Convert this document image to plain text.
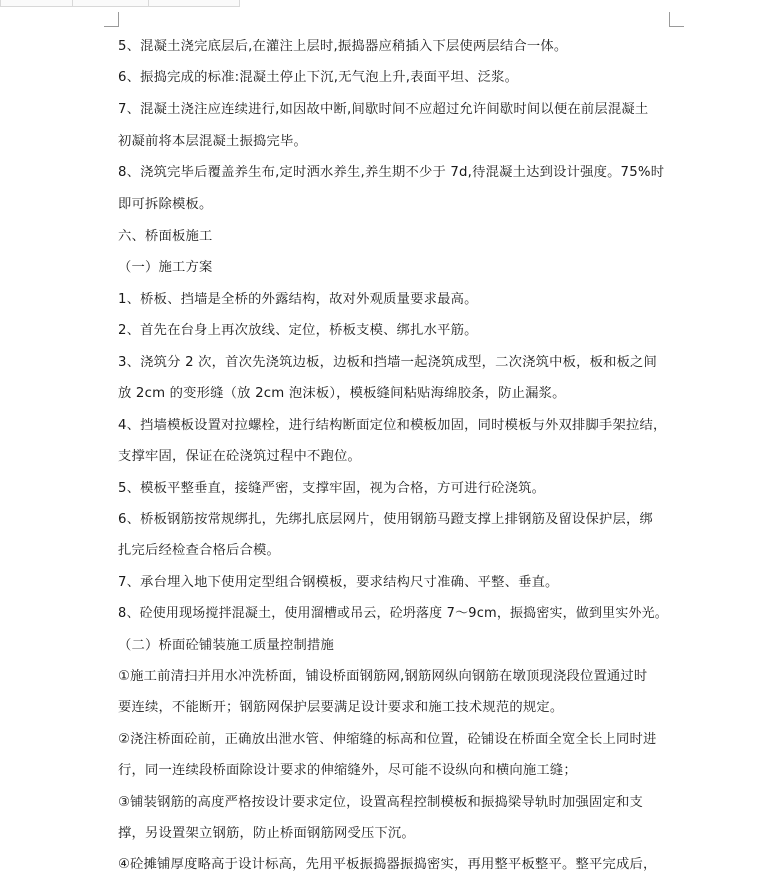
5、混凝土浇完底层后,在灌注上层时,振捣器应稍插入下层使两层结合一体。
6、振捣完成的标准:混凝土停止下沉,无气泡上升,表面平坦、泛浆。
7、混凝土浇注应连续进行,如因故中断,间歇时间不应超过允许间歇时间以便在前层混凝土
初凝前将本层混凝土振捣完毕。
8、浇筑完毕后覆盖养生布,定时洒水养生,养生期不少于 7d,待混凝土达到设计强度。75%时
即可拆除模板。
六、桥面板施工
（一）施工方案
1、桥板、挡墙是全桥的外露结构，故对外观质量要求最高。
2、首先在台身上再次放线、定位，桥板支模、绑扎水平筋。
3、浇筑分 2 次，首次先浇筑边板，边板和挡墙一起浇筑成型，二次浇筑中板，板和板之间
放 2cm 的变形缝（放 2cm 泡沫板），模板缝间粘贴海绵胶条，防止漏浆。
4、挡墙模板设置对拉螺栓，进行结构断面定位和模板加固，同时模板与外双排脚手架拉结，
支撑牢固，保证在砼浇筑过程中不跑位。
5、模板平整垂直，接缝严密，支撑牢固，视为合格，方可进行砼浇筑。
6、桥板钢筋按常规绑扎，先绑扎底层网片，使用钢筋马蹬支撑上排钢筋及留设保护层，绑
扎完后经检查合格后合模。
7、承台埋入地下使用定型组合钢模板，要求结构尺寸准确、平整、垂直。
8、砼使用现场搅拌混凝土，使用溜槽或吊云，砼坍落度 7～9cm，振捣密实，做到里实外光。
（二）桥面砼铺装施工质量控制措施
①施工前清扫并用水冲洗桥面，铺设桥面钢筋网,钢筋网纵向钢筋在墩顶现浇段位置通过时
要连续，不能断开；钢筋网保护层要满足设计要求和施工技术规范的规定。
②浇注桥面砼前，正确放出泄水管、伸缩缝的标高和位置，砼铺设在桥面全宽全长上同时进
行，同一连续段桥面除设计要求的伸缩缝外，尽可能不设纵向和横向施工缝；
③铺装钢筋的高度严格按设计要求定位，设置高程控制模板和振捣梁导轨时加强固定和支
撑，另设置架立钢筋，防止桥面钢筋网受压下沉。
④砼摊铺厚度略高于设计标高，先用平板振捣器振捣密实，再用整平板整平。整平完成后，
